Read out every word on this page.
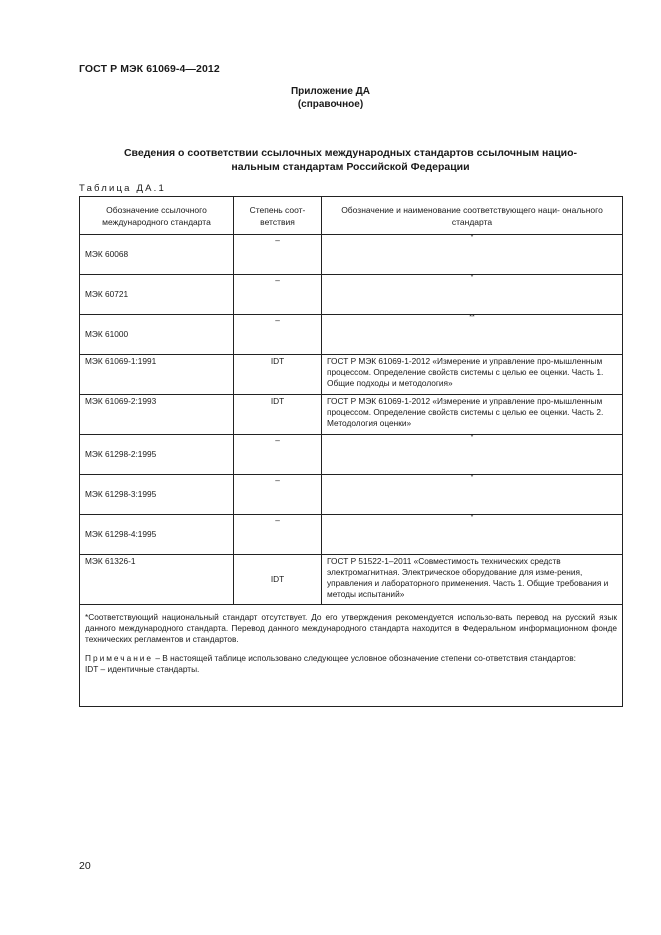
ГОСТ Р МЭК 61069-4—2012
Приложение ДА
(справочное)
Сведения о соответствии ссылочных международных стандартов ссылочным нацио-
нальным стандартам Российской Федерации
Таблица ДА.1
Обозначение ссылочного международного стандарта	Степень соот- ветствия	Обозначение и наименование соответствующего наци- онального стандарта
МЭК 60068	–	*
МЭК 60721	–	*
МЭК 61000	–	**
МЭК 61069-1:1991	IDT	ГОСТ Р МЭК 61069-1-2012 «Измерение и управление про-мышленным процессом. Определение свойств системы с целью ее оценки. Часть 1. Общие подходы и методология»
МЭК 61069-2:1993	IDT	ГОСТ Р МЭК 61069-1-2012 «Измерение и управление про-мышленным процессом. Определение свойств системы с целью ее оценки. Часть 2. Методология оценки»
МЭК 61298-2:1995	–	*
МЭК 61298-3:1995	–	*
МЭК 61298-4:1995	–	*
МЭК 61326-1	IDT	ГОСТ Р 51522-1–2011 «Совместимость технических средств электромагнитная. Электрическое оборудование для изме-рения, управления и лабораторного применения. Часть 1. Общие требования и методы испытаний»

*Соответствующий национальный стандарт отсутствует. До его утверждения рекомендуется использо-вать перевод на русский язык данного международного стандарта. Перевод данного международного стандарта находится в Федеральном информационном фонде технических регламентов и стандартов.

Примечание – В настоящей таблице использовано следующее условное обозначение степени со-ответствия стандартов:
IDT – идентичные стандарты.		

20
